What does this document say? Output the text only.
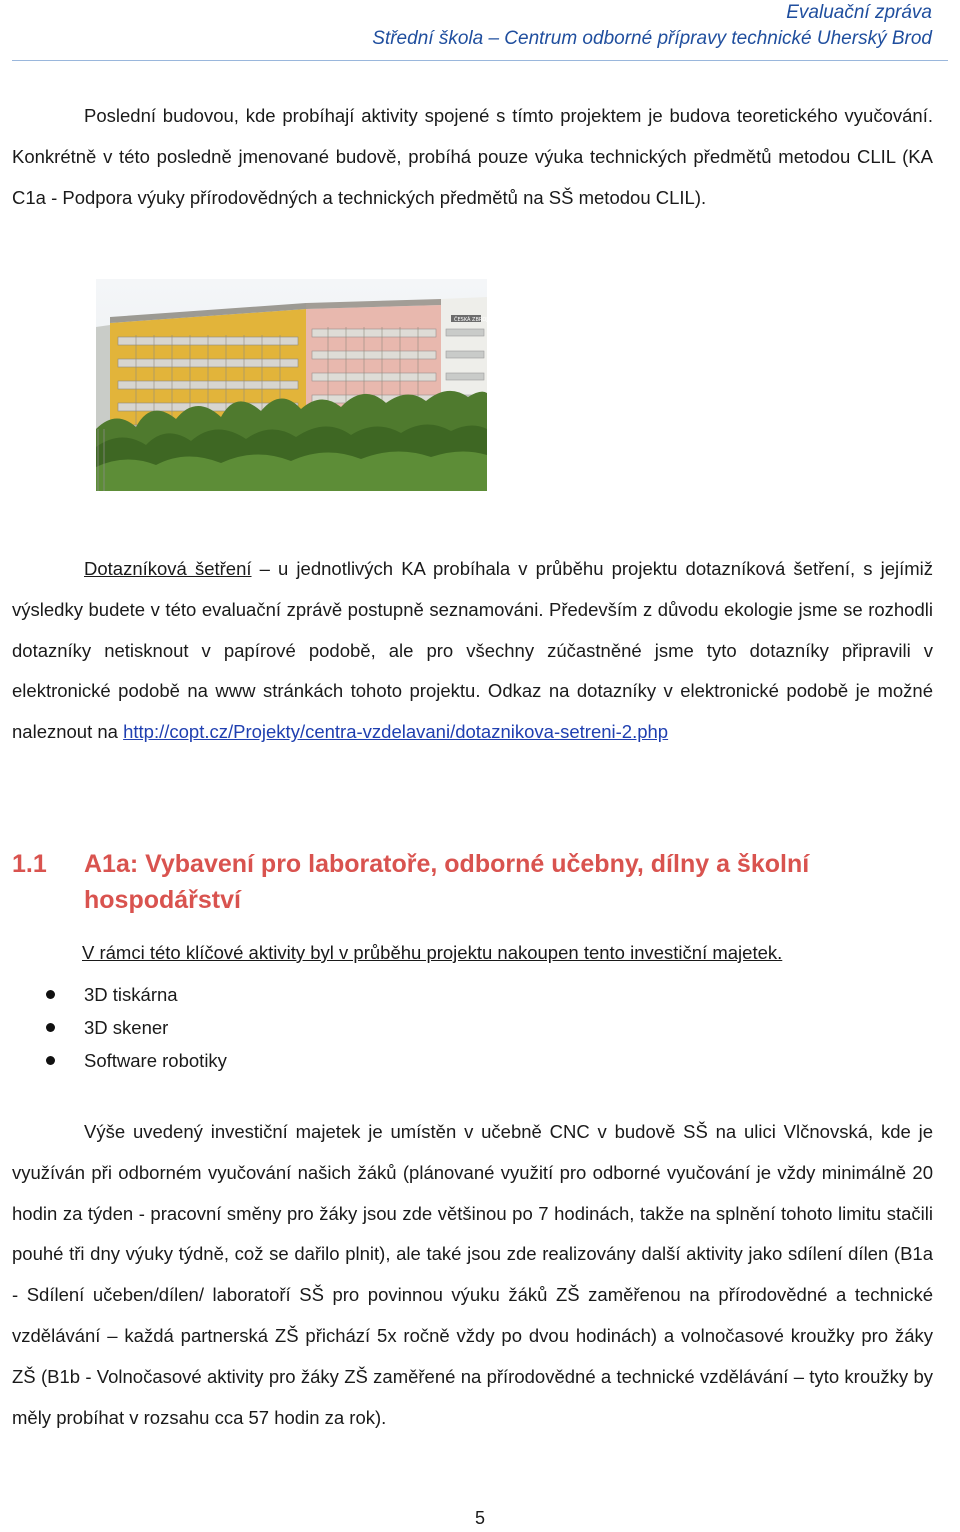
Evaluační zpráva
Střední škola – Centrum odborné přípravy technické Uherský Brod
Poslední budovou, kde probíhají aktivity spojené s tímto projektem je budova teoretického vyučování. Konkrétně v této posledně jmenované budově, probíhá pouze výuka technických předmětů metodou CLIL (KA C1a - Podpora výuky přírodovědných a technických předmětů na SŠ metodou CLIL).
ČESKÁ ZBROJOVKA
Dotazníková šetření – u jednotlivých KA probíhala v průběhu projektu dotazníková šetření, s jejímiž výsledky budete v této evaluační zprávě postupně seznamováni. Především z důvodu ekologie jsme se rozhodli dotazníky netisknout v papírové podobě, ale pro všechny zúčastněné jsme tyto dotazníky připravili v elektronické podobě na www stránkách tohoto projektu. Odkaz na dotazníky v elektronické podobě je možné naleznout na http://copt.cz/Projekty/centra-vzdelavani/dotaznikova-setreni-2.php
1.1 A1a: Vybavení pro laboratoře, odborné učebny, dílny a školní hospodářství
V rámci této klíčové aktivity byl v průběhu projektu nakoupen tento investiční majetek.
3D tiskárna
3D skener
Software robotiky
Výše uvedený investiční majetek je umístěn v učebně CNC v budově SŠ na ulici Vlčnovská, kde je využíván při odborném vyučování našich žáků (plánované využití pro odborné vyučování je vždy minimálně 20 hodin za týden - pracovní směny pro žáky jsou zde většinou po 7 hodinách, takže na splnění tohoto limitu stačili pouhé tři dny výuky týdně, což se dařilo plnit), ale také jsou zde realizovány další aktivity jako sdílení dílen (B1a - Sdílení učeben/dílen/ laboratoří SŠ pro povinnou výuku žáků ZŠ zaměřenou na přírodovědné a technické vzdělávání – každá partnerská ZŠ přichází 5x ročně vždy po dvou hodinách) a volnočasové kroužky pro žáky ZŠ (B1b - Volnočasové aktivity pro žáky ZŠ zaměřené na přírodovědné a technické vzdělávání – tyto kroužky by měly probíhat v rozsahu cca 57 hodin za rok).
5
